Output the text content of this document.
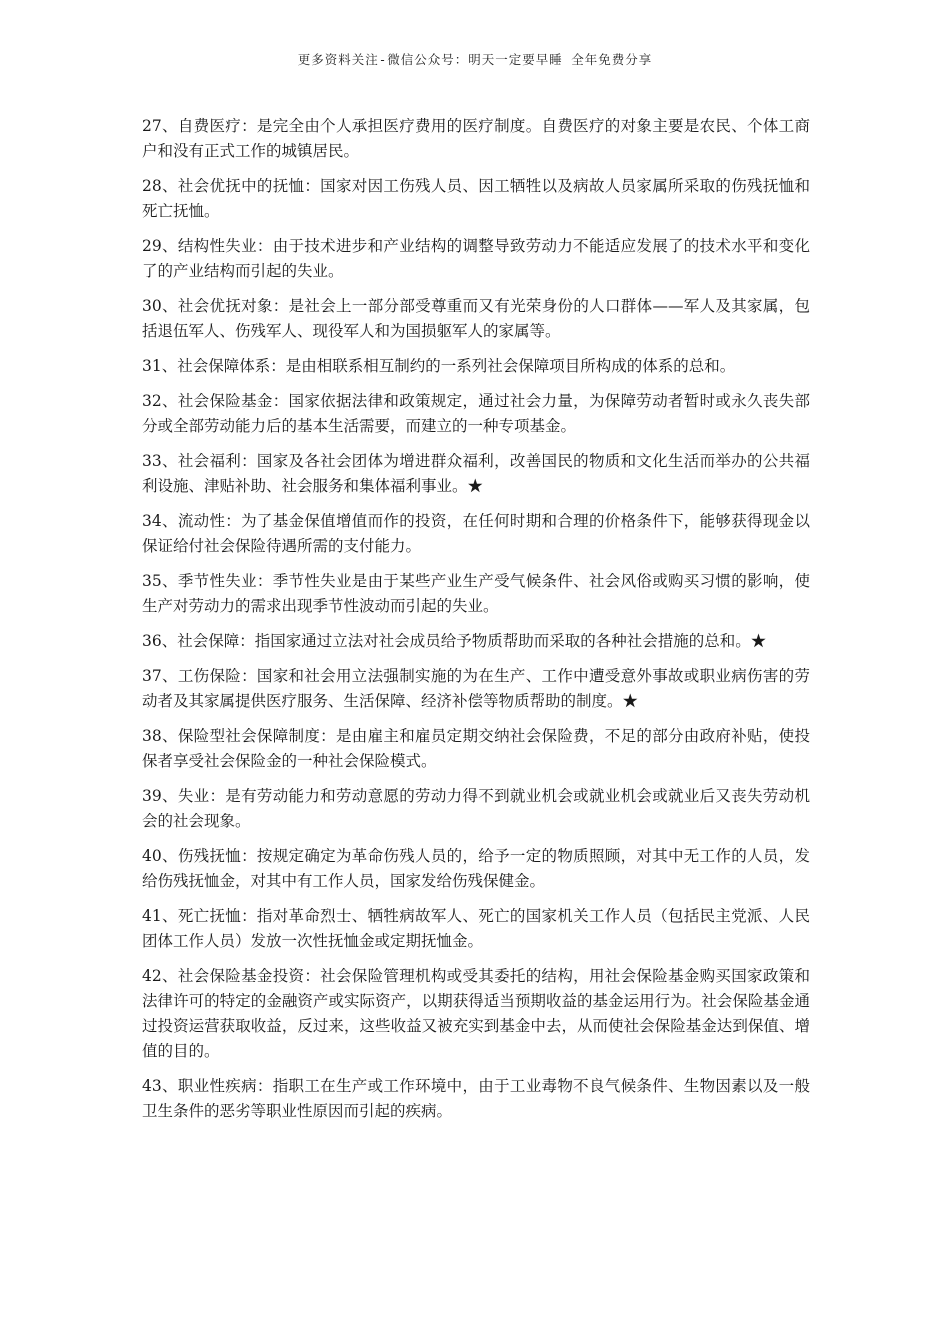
更多资料关注-微信公众号：明天一定要早睡 全年免费分享

27、自费医疗：是完全由个人承担医疗费用的医疗制度。自费医疗的对象主要是农民、个体工商户和没有正式工作的城镇居民。

28、社会优抚中的抚恤：国家对因工伤残人员、因工牺牲以及病故人员家属所采取的伤残抚恤和死亡抚恤。

29、结构性失业：由于技术进步和产业结构的调整导致劳动力不能适应发展了的技术水平和变化了的产业结构而引起的失业。

30、社会优抚对象：是社会上一部分部受尊重而又有光荣身份的人口群体——军人及其家属，包括退伍军人、伤残军人、现役军人和为国损躯军人的家属等。

31、社会保障体系：是由相联系相互制约的一系列社会保障项目所构成的体系的总和。

32、社会保险基金：国家依据法律和政策规定，通过社会力量，为保障劳动者暂时或永久丧失部分或全部劳动能力后的基本生活需要，而建立的一种专项基金。

33、社会福利：国家及各社会团体为增进群众福利，改善国民的物质和文化生活而举办的公共福利设施、津贴补助、社会服务和集体福利事业。★

34、流动性：为了基金保值增值而作的投资，在任何时期和合理的价格条件下，能够获得现金以保证给付社会保险待遇所需的支付能力。

35、季节性失业：季节性失业是由于某些产业生产受气候条件、社会风俗或购买习惯的影响，使生产对劳动力的需求出现季节性波动而引起的失业。

36、社会保障：指国家通过立法对社会成员给予物质帮助而采取的各种社会措施的总和。★

37、工伤保险：国家和社会用立法强制实施的为在生产、工作中遭受意外事故或职业病伤害的劳动者及其家属提供医疗服务、生活保障、经济补偿等物质帮助的制度。★

38、保险型社会保障制度：是由雇主和雇员定期交纳社会保险费，不足的部分由政府补贴，使投保者享受社会保险金的一种社会保险模式。

39、失业：是有劳动能力和劳动意愿的劳动力得不到就业机会或就业机会或就业后又丧失劳动机会的社会现象。

40、伤残抚恤：按规定确定为革命伤残人员的，给予一定的物质照顾，对其中无工作的人员，发给伤残抚恤金，对其中有工作人员，国家发给伤残保健金。

41、死亡抚恤：指对革命烈士、牺牲病故军人、死亡的国家机关工作人员（包括民主党派、人民团体工作人员）发放一次性抚恤金或定期抚恤金。

42、社会保险基金投资：社会保险管理机构或受其委托的结构，用社会保险基金购买国家政策和法律许可的特定的金融资产或实际资产，以期获得适当预期收益的基金运用行为。社会保险基金通过投资运营获取收益，反过来，这些收益又被充实到基金中去，从而使社会保险基金达到保值、增值的目的。

43、职业性疾病：指职工在生产或工作环境中，由于工业毒物不良气候条件、生物因素以及一般卫生条件的恶劣等职业性原因而引起的疾病。
